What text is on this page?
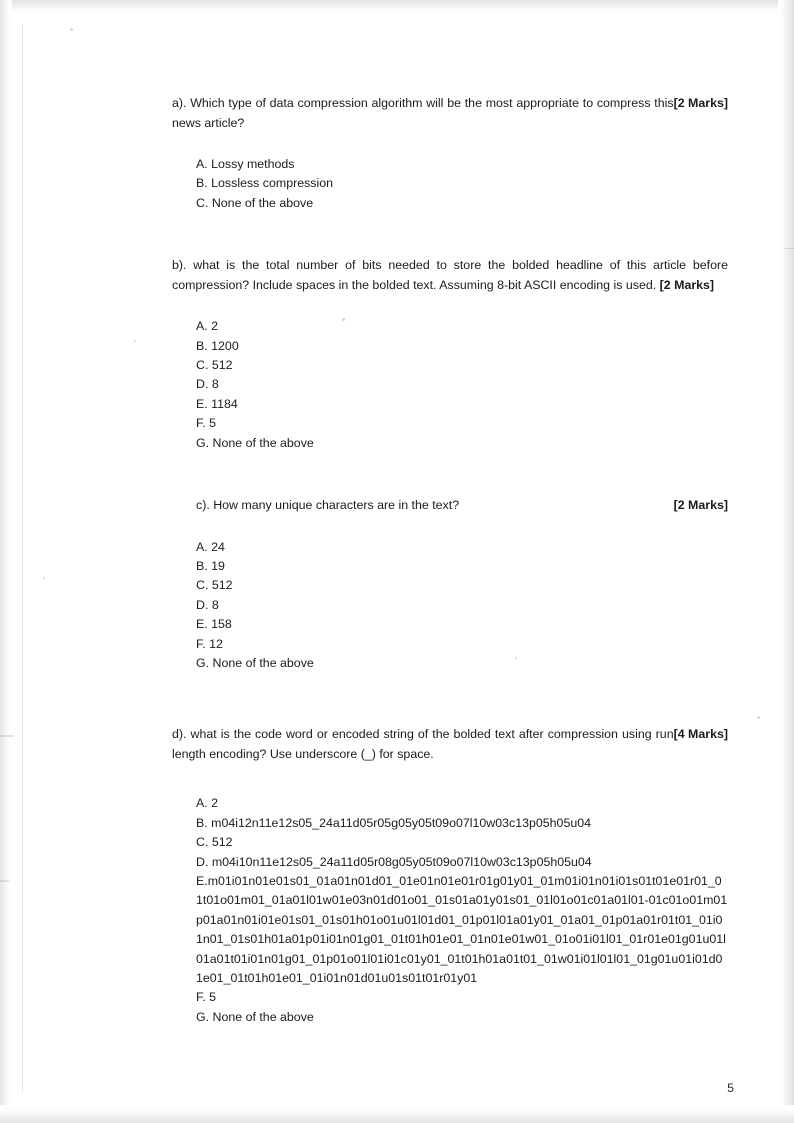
[2 Marks]
a). Which type of data compression algorithm will be the most appropriate to compress this news article?

A. Lossy methods
B. Lossless compression
C. None of the above

b). what is the total number of bits needed to store the bolded headline of this article before compression? Include spaces in the bolded text. Assuming 8-bit ASCII encoding is used. [2 Marks]

A. 2
B. 1200
C. 512
D. 8
E. 1184
F. 5
G. None of the above

[2 Marks]
c). How many unique characters are in the text?

A. 24
B. 19
C. 512
D. 8
E. 158
F. 12
G. None of the above

[4 Marks]
d). what is the code word or encoded string of the bolded text after compression using run length encoding? Use underscore (_) for space.

A. 2
B. m04i12n11e12s05_24a11d05r05g05y05t09o07l10w03c13p05h05u04
C. 512
D. m04i10n11e12s05_24a11d05r08g05y05t09o07l10w03c13p05h05u04
E.m01i01n01e01s01_01a01n01d01_01e01n01e01r01g01y01_01m01i01n01i01s01t01e01r01_01t01o01m01_01a01l01w01e03n01d01o01_01s01a01y01s01_01l01o01c01a01l01-01c01o01m01p01a01n01i01e01s01_01s01h01o01u01l01d01_01p01l01a01y01_01a01_01p01a01r01t01_01i01n01_01s01h01a01p01i01n01g01_01t01h01e01_01n01e01w01_01o01i01l01_01r01e01g01u01l01a01t01i01n01g01_01p01o01l01i01c01y01_01t01h01a01t01_01w01i01l01l01_01g01u01i01d01e01_01t01h01e01_01i01n01d01u01s01t01r01y01
F. 5
G. None of the above
5
